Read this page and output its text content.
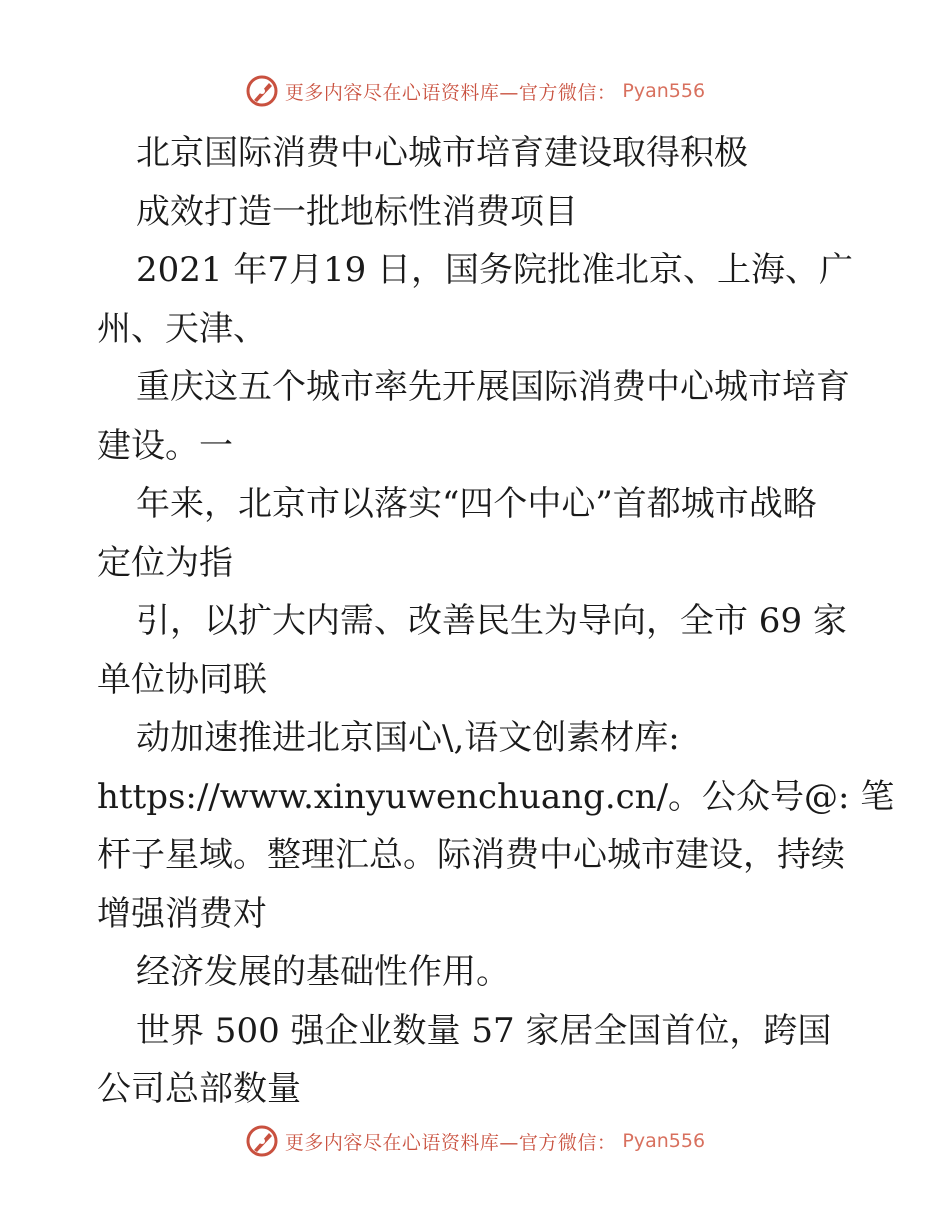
更多内容尽在心语资料库—官方微信： Pyan556
北京国际消费中心城市培育建设取得积极
成效打造一批地标性消费项目
2021 年7月19 日，国务院批准北京、上海、广
州、天津、
重庆这五个城市率先开展国际消费中心城市培育
建设。一
年来，北京市以落实“四个中心”首都城市战略
定位为指
引，以扩大内需、改善民生为导向，全市 69 家
单位协同联
动加速推进北京国心\,语文创素材库:
https://www.xinyuwenchuang.cn/。公众号@: 笔
杆子星域。整理汇总。际消费中心城市建设，持续
增强消费对
经济发展的基础性作用。
世界 500 强企业数量 57 家居全国首位，跨国
公司总部数量
更多内容尽在心语资料库—官方微信： Pyan556
